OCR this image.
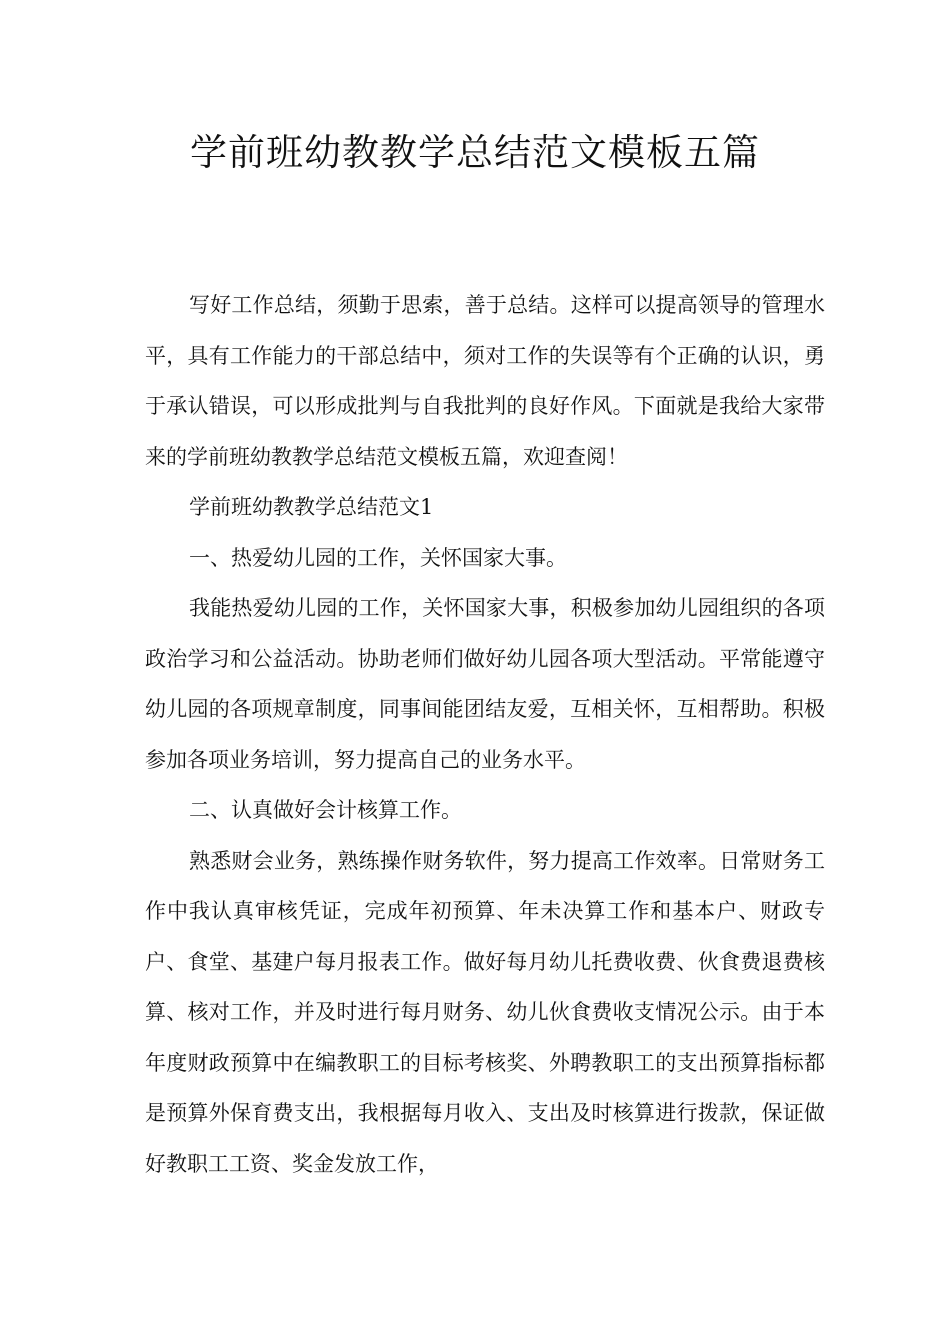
学前班幼教教学总结范文模板五篇

写好工作总结，须勤于思索，善于总结。这样可以提高领导的管理水平，具有工作能力的干部总结中，须对工作的失误等有个正确的认识，勇于承认错误，可以形成批判与自我批判的良好作风。下面就是我给大家带来的学前班幼教教学总结范文模板五篇，欢迎查阅！

学前班幼教教学总结范文1

一、热爱幼儿园的工作，关怀国家大事。

我能热爱幼儿园的工作，关怀国家大事，积极参加幼儿园组织的各项政治学习和公益活动。协助老师们做好幼儿园各项大型活动。平常能遵守幼儿园的各项规章制度，同事间能团结友爱，互相关怀，互相帮助。积极参加各项业务培训，努力提高自己的业务水平。

二、认真做好会计核算工作。

熟悉财会业务，熟练操作财务软件，努力提高工作效率。日常财务工作中我认真审核凭证，完成年初预算、年未决算工作和基本户、财政专户、食堂、基建户每月报表工作。做好每月幼儿托费收费、伙食费退费核算、核对工作，并及时进行每月财务、幼儿伙食费收支情况公示。由于本年度财政预算中在编教职工的目标考核奖、外聘教职工的支出预算指标都是预算外保育费支出，我根据每月收入、支出及时核算进行拨款，保证做好教职工工资、奖金发放工作，
